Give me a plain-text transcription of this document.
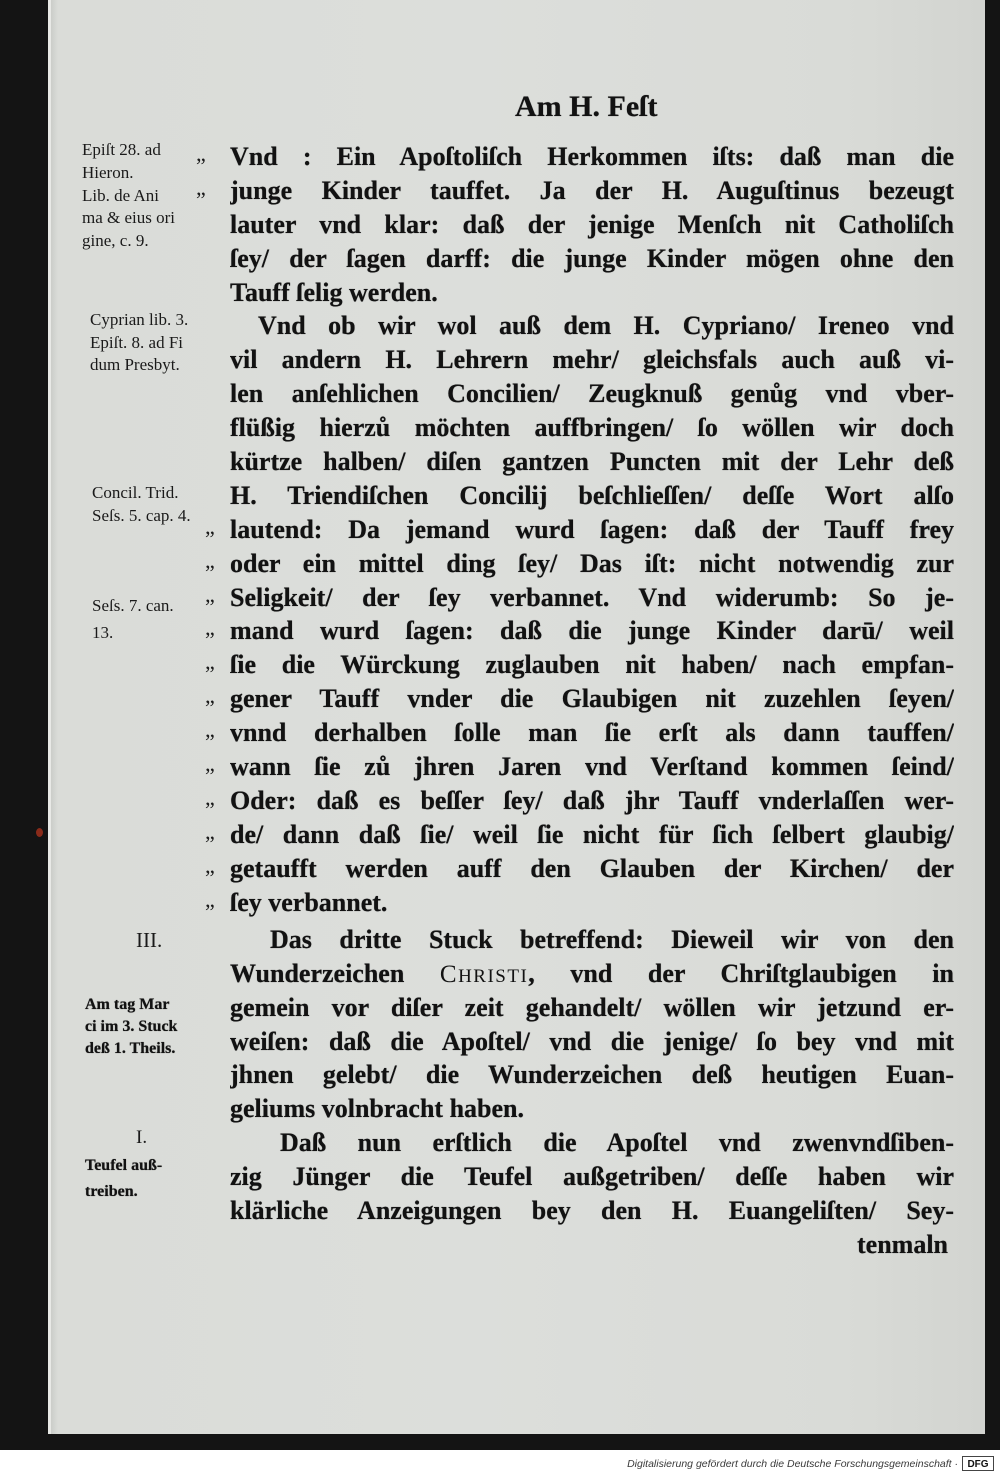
Am H. Feſt
Epiſt 28. ad
Hieron.
Lib. de Ani
ma & eius ori
gine, c. 9.
Cyprian lib. 3.
Epiſt. 8. ad Fi
dum Presbyt.
Concil. Trid.
Seſs. 5. cap. 4.
Seſs. 7. can.
13.
III.
Am tag Mar
ci im 3. Stuck
deß 1. Theils.
I.
Teufel auß-
treiben.
„
„
„
„
„
„
„
„
„
„
„
„
„
„
Vnd : Ein Apoſtoliſch Herkommen iſts: daß man die
junge Kinder tauffet. Ja der H. Auguſtinus bezeugt
lauter vnd klar: daß der jenige Menſch nit Catholiſch
ſey/ der ſagen darff: die junge Kinder mögen ohne den
Tauff ſelig werden.
Vnd ob wir wol auß dem H. Cypriano/ Ireneo vnd
vil andern H. Lehrern mehr/ gleichsfals auch auß vi-
len anſehlichen Concilien/ Zeugknuß genůg vnd vber-
flüßig hierzů möchten auffbringen/ ſo wöllen wir doch
kürtze halben/ diſen gantzen Puncten mit der Lehr deß
H. Triendiſchen Concilij beſchlieſſen/ deſſe Wort alſo
lautend: Da jemand wurd ſagen: daß der Tauff frey
oder ein mittel ding ſey/ Das iſt: nicht notwendig zur
Seligkeit/ der ſey verbannet. Vnd widerumb: So je-
mand wurd ſagen: daß die junge Kinder darū/ weil
ſie die Würckung zuglauben nit haben/ nach empfan-
gener Tauff vnder die Glaubigen nit zuzehlen ſeyen/
vnnd derhalben ſolle man ſie erſt als dann tauffen/
wann ſie zů jhren Jaren vnd Verſtand kommen ſeind/
Oder: daß es beſſer ſey/ daß jhr Tauff vnderlaſſen wer-
de/ dann daß ſie/ weil ſie nicht für ſich ſelbert glaubig/
getaufft werden auff den Glauben der Kirchen/ der
ſey verbannet.
Das dritte Stuck betreffend: Dieweil wir von den
Wunderzeichen CHRISTI, vnd der Chriſtglaubigen in
gemein vor diſer zeit gehandelt/ wöllen wir jetzund er-
weiſen: daß die Apoſtel/ vnd die jenige/ ſo bey vnd mit
jhnen gelebt/ die Wunderzeichen deß heutigen Euan-
geliums volnbracht haben.
Daß nun erſtlich die Apoſtel vnd zwenvndſiben-
zig Jünger die Teufel außgetriben/ deſſe haben wir
klärliche Anzeigungen bey den H. Euangeliſten/ Sey-
tenmaln
Digitalisierung gefördert durch die Deutsche Forschungsgemeinschaft · DFG
